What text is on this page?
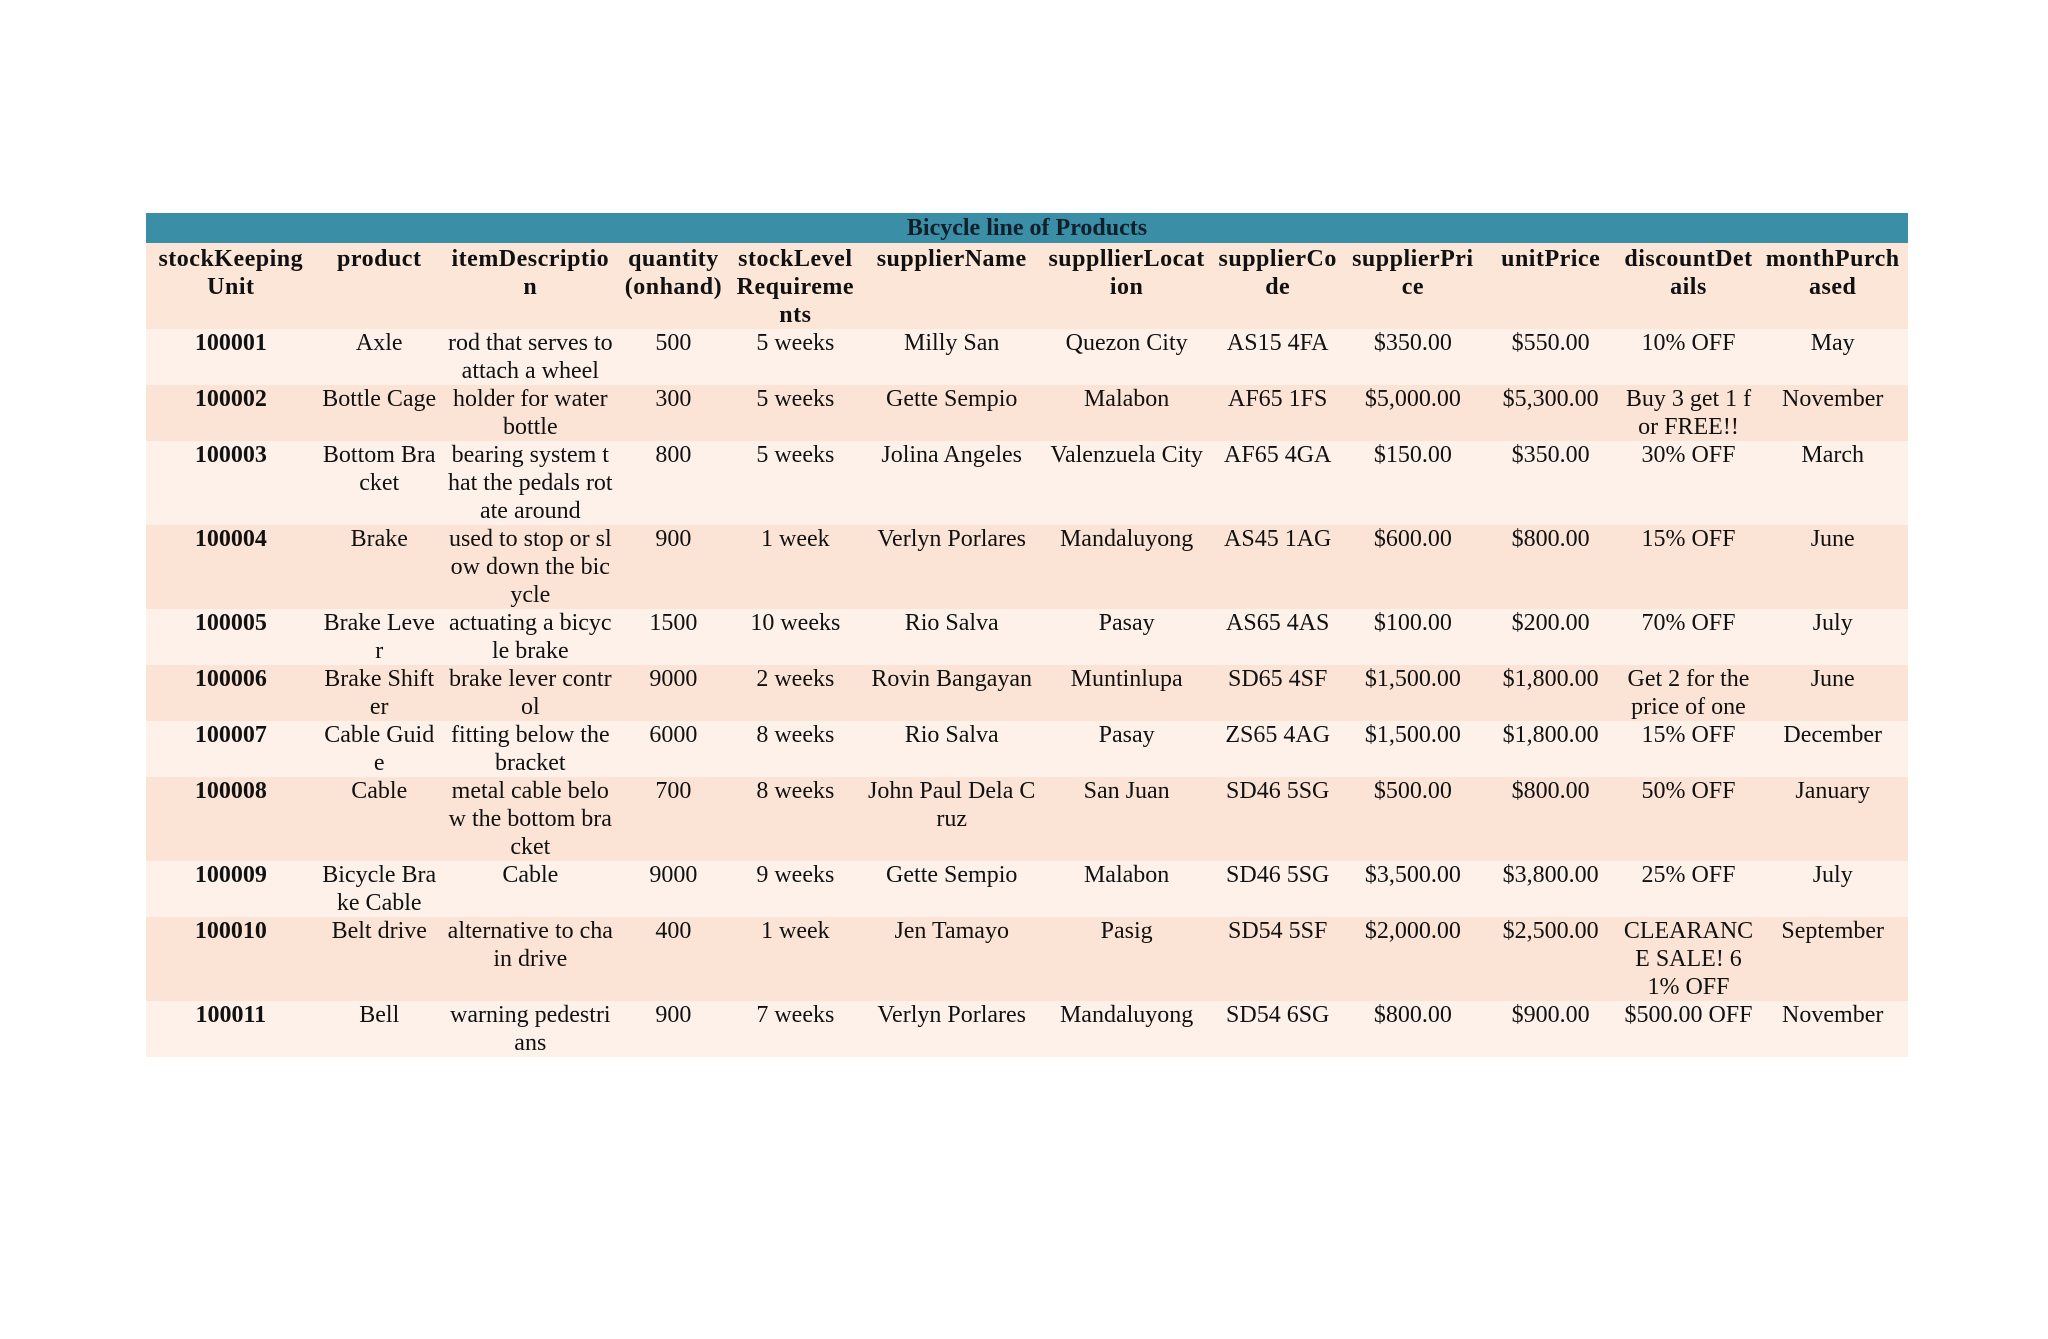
Bicycle line of Products
stockKeepingUnit	product	itemDescription	quantity (onhand)	stockLevel Requirements	supplierName	suppllierLocation	supplierCode	supplierPrice	unitPrice	discountDetails	monthPurchased
100001	Axle	rod that serves to attach a wheel	500	5 weeks	Milly San	Quezon City	AS15 4FA	$350.00	$550.00	10% OFF	May
100002	Bottle Cage	holder for water bottle	300	5 weeks	Gette Sempio	Malabon	AF65 1FS	$5,000.00	$5,300.00	Buy 3 get 1 for FREE!!	November
100003	Bottom Bracket	bearing system that the pedals rotate around	800	5 weeks	Jolina Angeles	Valenzuela City	AF65 4GA	$150.00	$350.00	30% OFF	March
100004	Brake	used to stop or slow down the bicycle	900	1 week	Verlyn Porlares	Mandaluyong	AS45 1AG	$600.00	$800.00	15% OFF	June
100005	Brake Lever	actuating a bicycle brake	1500	10 weeks	Rio Salva	Pasay	AS65 4AS	$100.00	$200.00	70% OFF	July
100006	Brake Shifter	brake lever control	9000	2 weeks	Rovin Bangayan	Muntinlupa	SD65 4SF	$1,500.00	$1,800.00	Get 2 for the price of one	June
100007	Cable Guide	fitting below the bracket	6000	8 weeks	Rio Salva	Pasay	ZS65 4AG	$1,500.00	$1,800.00	15% OFF	December
100008	Cable	metal cable below the bottom bracket	700	8 weeks	John Paul Dela Cruz	San Juan	SD46 5SG	$500.00	$800.00	50% OFF	January
100009	Bicycle Brake Cable	Cable	9000	9 weeks	Gette Sempio	Malabon	SD46 5SG	$3,500.00	$3,800.00	25% OFF	July
100010	Belt drive	alternative to chain drive	400	1 week	Jen Tamayo	Pasig	SD54 5SF	$2,000.00	$2,500.00	CLEARANCE SALE! 61% OFF	September
100011	Bell	warning pedestrians	900	7 weeks	Verlyn Porlares	Mandaluyong	SD54 6SG	$800.00	$900.00	$500.00 OFF	November
